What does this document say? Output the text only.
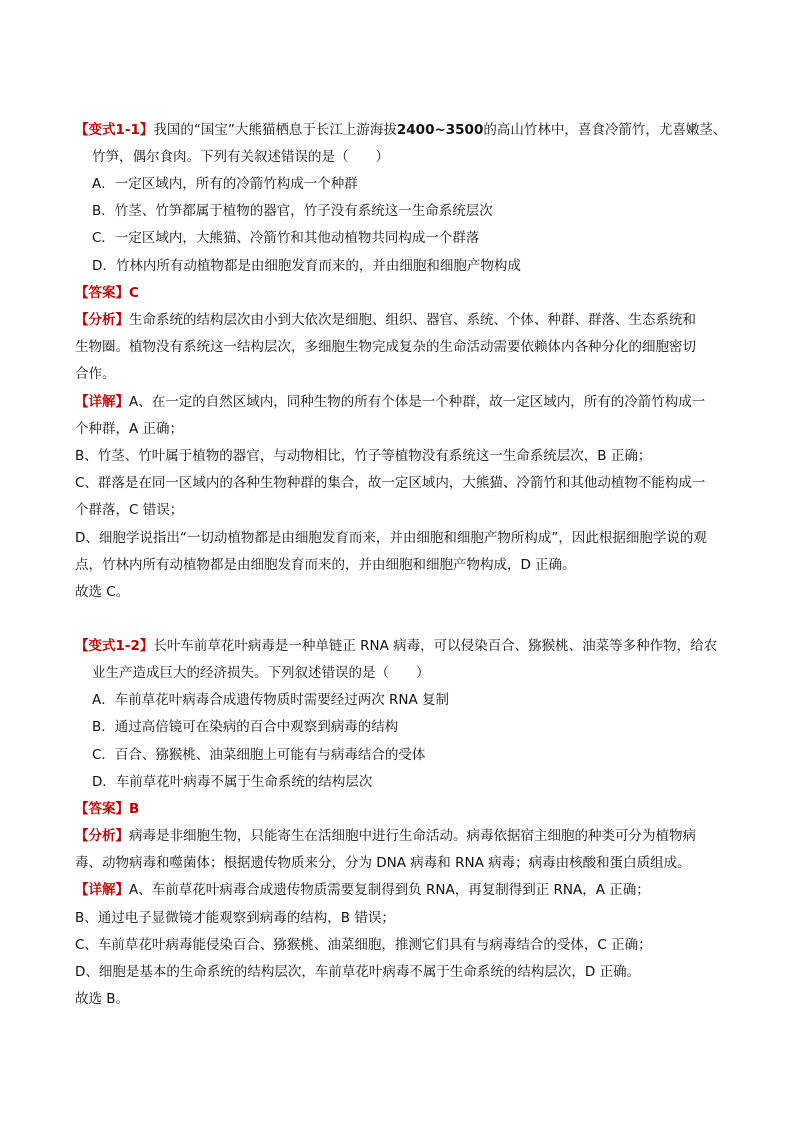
【变式1-1】我国的“国宝”大熊猫栖息于长江上游海拔2400~3500的高山竹林中，喜食冷箭竹，尤喜嫩茎、
竹笋，偶尔食肉。下列有关叙述错误的是（　　）
A．一定区域内，所有的冷箭竹构成一个种群
B．竹茎、竹笋都属于植物的器官，竹子没有系统这一生命系统层次
C．一定区域内，大熊猫、冷箭竹和其他动植物共同构成一个群落
D．竹林内所有动植物都是由细胞发育而来的，并由细胞和细胞产物构成
【答案】C
【分析】生命系统的结构层次由小到大依次是细胞、组织、器官、系统、个体、种群、群落、生态系统和
生物圈。植物没有系统这一结构层次，多细胞生物完成复杂的生命活动需要依赖体内各种分化的细胞密切
合作。
【详解】A、在一定的自然区域内，同种生物的所有个体是一个种群，故一定区域内，所有的冷箭竹构成一
个种群，A 正确；
B、竹茎、竹叶属于植物的器官，与动物相比，竹子等植物没有系统这一生命系统层次，B 正确；
C、群落是在同一区域内的各种生物种群的集合，故一定区域内，大熊猫、冷箭竹和其他动植物不能构成一
个群落，C 错误；
D、细胞学说指出“一切动植物都是由细胞发育而来，并由细胞和细胞产物所构成”，因此根据细胞学说的观
点，竹林内所有动植物都是由细胞发育而来的，并由细胞和细胞产物构成，D 正确。
故选 C。
【变式1-2】长叶车前草花叶病毒是一种单链正 RNA 病毒，可以侵染百合、猕猴桃、油菜等多种作物，给农
业生产造成巨大的经济损失。下列叙述错误的是（　　）
A．车前草花叶病毒合成遗传物质时需要经过两次 RNA 复制
B．通过高倍镜可在染病的百合中观察到病毒的结构
C．百合、猕猴桃、油菜细胞上可能有与病毒结合的受体
D．车前草花叶病毒不属于生命系统的结构层次
【答案】B
【分析】病毒是非细胞生物，只能寄生在活细胞中进行生命活动。病毒依据宿主细胞的种类可分为植物病
毒、动物病毒和噬菌体；根据遗传物质来分，分为 DNA 病毒和 RNA 病毒；病毒由核酸和蛋白质组成。
【详解】A、车前草花叶病毒合成遗传物质需要复制得到负 RNA，再复制得到正 RNA，A 正确；
B、通过电子显微镜才能观察到病毒的结构，B 错误；
C、车前草花叶病毒能侵染百合、猕猴桃、油菜细胞，推测它们具有与病毒结合的受体，C 正确；
D、细胞是基本的生命系统的结构层次，车前草花叶病毒不属于生命系统的结构层次，D 正确。
故选 B。
